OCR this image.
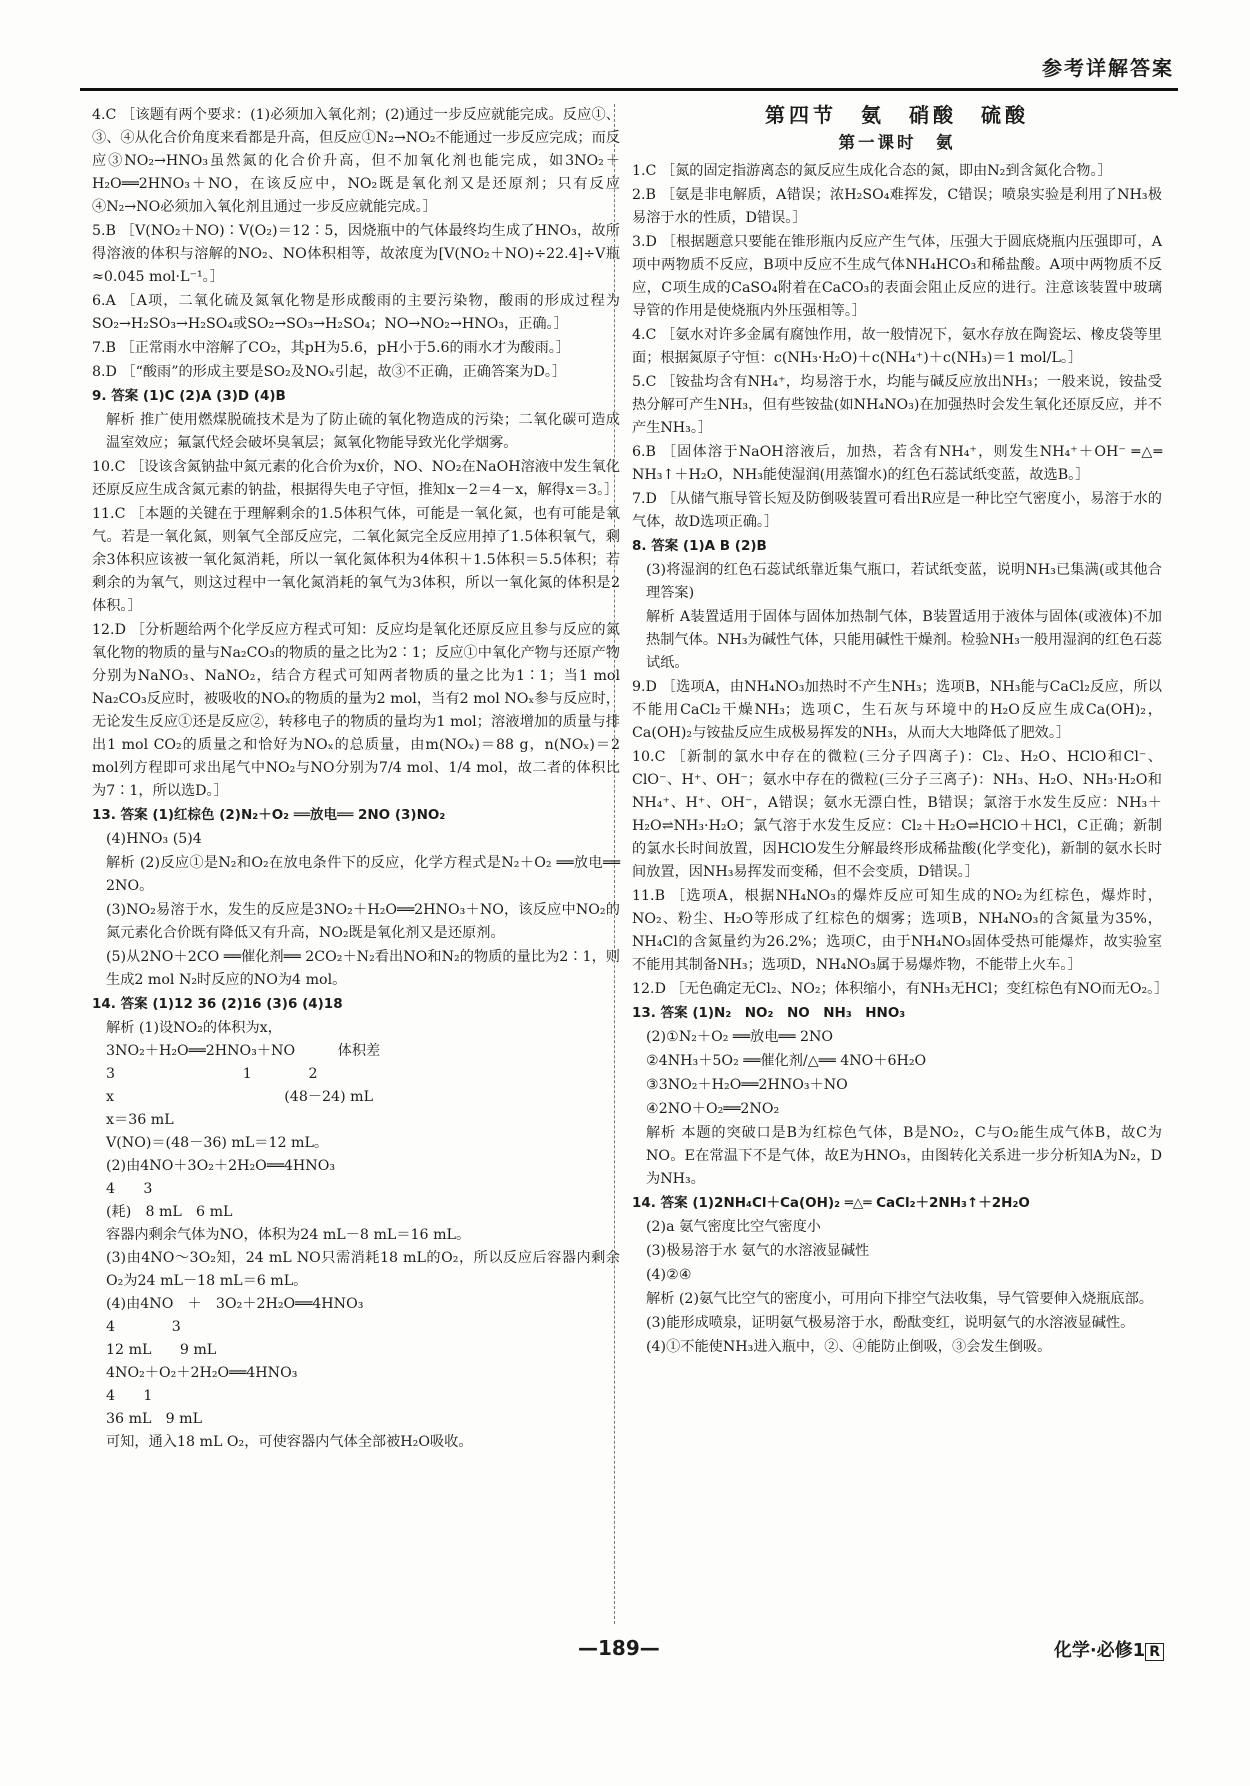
参考详解答案
4.C ［该题有两个要求：(1)必须加入氧化剂；(2)通过一步反应就能完成。反应①、③、④从化合价角度来看都是升高，但反应①N₂→NO₂不能通过一步反应完成；而反应③NO₂→HNO₃虽然氮的化合价升高，但不加氧化剂也能完成，如3NO₂＋H₂O══2HNO₃＋NO，在该反应中，NO₂既是氧化剂又是还原剂；只有反应④N₂→NO必须加入氧化剂且通过一步反应就能完成。］
5.B ［V(NO₂＋NO)∶V(O₂)＝12∶5，因烧瓶中的气体最终均生成了HNO₃，故所得溶液的体积与溶解的NO₂、NO体积相等，故浓度为[V(NO₂＋NO)÷22.4]÷V瓶≈0.045 mol·L⁻¹。］
6.A ［A项，二氧化硫及氮氧化物是形成酸雨的主要污染物，酸雨的形成过程为SO₂→H₂SO₃→H₂SO₄或SO₂→SO₃→H₂SO₄；NO→NO₂→HNO₃，正确。］
7.B ［正常雨水中溶解了CO₂，其pH为5.6，pH小于5.6的雨水才为酸雨。］
8.D ［“酸雨”的形成主要是SO₂及NOₓ引起，故③不正确，正确答案为D。］
9. 答案 (1)C (2)A (3)D (4)B
解析 推广使用燃煤脱硫技术是为了防止硫的氧化物造成的污染；二氧化碳可造成温室效应；氟氯代烃会破坏臭氧层；氮氧化物能导致光化学烟雾。
10.C ［设该含氮钠盐中氮元素的化合价为x价，NO、NO₂在NaOH溶液中发生氧化还原反应生成含氮元素的钠盐，根据得失电子守恒，推知x－2＝4－x，解得x＝3。］
11.C ［本题的关键在于理解剩余的1.5体积气体，可能是一氧化氮，也有可能是氧气。若是一氧化氮，则氧气全部反应完，二氧化氮完全反应用掉了1.5体积氧气，剩余3体积应该被一氧化氮消耗，所以一氧化氮体积为4体积＋1.5体积＝5.5体积；若剩余的为氧气，则这过程中一氧化氮消耗的氧气为3体积，所以一氧化氮的体积是2体积。］
12.D ［分析题给两个化学反应方程式可知：反应均是氧化还原反应且参与反应的氮氧化物的物质的量与Na₂CO₃的物质的量之比为2∶1；反应①中氧化产物与还原产物分别为NaNO₃、NaNO₂，结合方程式可知两者物质的量之比为1∶1；当1 mol Na₂CO₃反应时，被吸收的NOₓ的物质的量为2 mol，当有2 mol NOₓ参与反应时，无论发生反应①还是反应②，转移电子的物质的量均为1 mol；溶液增加的质量与排出1 mol CO₂的质量之和恰好为NOₓ的总质量，由m(NOₓ)＝88 g，n(NOₓ)＝2 mol列方程即可求出尾气中NO₂与NO分别为7/4 mol、1/4 mol，故二者的体积比为7∶1，所以选D。］
13. 答案 (1)红棕色 (2)N₂＋O₂ ══放电══ 2NO (3)NO₂
(4)HNO₃ (5)4
解析 (2)反应①是N₂和O₂在放电条件下的反应，化学方程式是N₂＋O₂ ══放电══ 2NO。
(3)NO₂易溶于水，发生的反应是3NO₂＋H₂O══2HNO₃＋NO，该反应中NO₂的氮元素化合价既有降低又有升高，NO₂既是氧化剂又是还原剂。
(5)从2NO＋2CO ══催化剂══ 2CO₂＋N₂看出NO和N₂的物质的量比为2∶1，则生成2 mol N₂时反应的NO为4 mol。
14. 答案 (1)12 36 (2)16 (3)6 (4)18
解析 (1)设NO₂的体积为x，
3NO₂＋H₂O══2HNO₃＋NO　　　体积差
3　　　　　　　　　1　　　　2
x　　　　　　　　　　　　(48－24) mL
x＝36 mL
V(NO)＝(48－36) mL＝12 mL。
(2)由4NO＋3O₂＋2H₂O══4HNO₃
4　　3
(耗)　8 mL　6 mL
容器内剩余气体为NO，体积为24 mL－8 mL＝16 mL。
(3)由4NO～3O₂知，24 mL NO只需消耗18 mL的O₂，所以反应后容器内剩余O₂为24 mL－18 mL＝6 mL。
(4)由4NO　＋　3O₂＋2H₂O══4HNO₃
4　　　　3
12 mL　　9 mL
4NO₂＋O₂＋2H₂O══4HNO₃
4　　1
36 mL　9 mL
可知，通入18 mL O₂，可使容器内气体全部被H₂O吸收。
第四节　氨　硝酸　硫酸
第一课时　氨
1.C ［氮的固定指游离态的氮反应生成化合态的氮，即由N₂到含氮化合物。］
2.B ［氨是非电解质，A错误；浓H₂SO₄难挥发，C错误；喷泉实验是利用了NH₃极易溶于水的性质，D错误。］
3.D ［根据题意只要能在锥形瓶内反应产生气体，压强大于圆底烧瓶内压强即可，A项中两物质不反应，B项中反应不生成气体NH₄HCO₃和稀盐酸。A项中两物质不反应，C项生成的CaSO₄附着在CaCO₃的表面会阻止反应的进行。注意该装置中玻璃导管的作用是使烧瓶内外压强相等。］
4.C ［氨水对许多金属有腐蚀作用，故一般情况下，氨水存放在陶瓷坛、橡皮袋等里面；根据氮原子守恒：c(NH₃·H₂O)＋c(NH₄⁺)＋c(NH₃)＝1 mol/L。］
5.C ［铵盐均含有NH₄⁺，均易溶于水，均能与碱反应放出NH₃；一般来说，铵盐受热分解可产生NH₃，但有些铵盐(如NH₄NO₃)在加强热时会发生氧化还原反应，并不产生NH₃。］
6.B ［固体溶于NaOH溶液后，加热，若含有NH₄⁺，则发生NH₄⁺＋OH⁻ ═△═ NH₃↑＋H₂O，NH₃能使湿润(用蒸馏水)的红色石蕊试纸变蓝，故选B。］
7.D ［从储气瓶导管长短及防倒吸装置可看出R应是一种比空气密度小，易溶于水的气体，故D选项正确。］
8. 答案 (1)A B (2)B
(3)将湿润的红色石蕊试纸靠近集气瓶口，若试纸变蓝，说明NH₃已集满(或其他合理答案)
解析 A装置适用于固体与固体加热制气体，B装置适用于液体与固体(或液体)不加热制气体。NH₃为碱性气体，只能用碱性干燥剂。检验NH₃一般用湿润的红色石蕊试纸。
9.D ［选项A，由NH₄NO₃加热时不产生NH₃；选项B，NH₃能与CaCl₂反应，所以不能用CaCl₂干燥NH₃；选项C，生石灰与环境中的H₂O反应生成Ca(OH)₂，Ca(OH)₂与铵盐反应生成极易挥发的NH₃，从而大大地降低了肥效。］
10.C ［新制的氯水中存在的微粒(三分子四离子)：Cl₂、H₂O、HClO和Cl⁻、ClO⁻、H⁺、OH⁻；氨水中存在的微粒(三分子三离子)：NH₃、H₂O、NH₃·H₂O和NH₄⁺、H⁺、OH⁻，A错误；氨水无漂白性，B错误；氯溶于水发生反应：NH₃＋H₂O⇌NH₃·H₂O；氯气溶于水发生反应：Cl₂＋H₂O⇌HClO＋HCl，C正确；新制的氯水长时间放置，因HClO发生分解最终形成稀盐酸(化学变化)，新制的氨水长时间放置，因NH₃易挥发而变稀，但不会变质，D错误。］
11.B ［选项A，根据NH₄NO₃的爆炸反应可知生成的NO₂为红棕色，爆炸时，NO₂、粉尘、H₂O等形成了红棕色的烟雾；选项B，NH₄NO₃的含氮量为35%，NH₄Cl的含氮量约为26.2%；选项C，由于NH₄NO₃固体受热可能爆炸，故实验室不能用其制备NH₃；选项D，NH₄NO₃属于易爆炸物，不能带上火车。］
12.D ［无色确定无Cl₂、NO₂；体积缩小，有NH₃无HCl；变红棕色有NO而无O₂。］
13. 答案 (1)N₂　NO₂　NO　NH₃　HNO₃
(2)①N₂＋O₂ ══放电══ 2NO
②4NH₃＋5O₂ ══催化剂/△══ 4NO＋6H₂O
③3NO₂＋H₂O══2HNO₃＋NO
④2NO＋O₂══2NO₂
解析 本题的突破口是B为红棕色气体，B是NO₂，C与O₂能生成气体B，故C为NO。E在常温下不是气体，故E为HNO₃，由图转化关系进一步分析知A为N₂，D为NH₃。
14. 答案 (1)2NH₄Cl＋Ca(OH)₂ ═△═ CaCl₂＋2NH₃↑＋2H₂O
(2)a 氨气密度比空气密度小
(3)极易溶于水 氨气的水溶液显碱性
(4)②④
解析 (2)氨气比空气的密度小，可用向下排空气法收集，导气管要伸入烧瓶底部。
(3)能形成喷泉，证明氨气极易溶于水，酚酞变红，说明氨气的水溶液显碱性。
(4)①不能使NH₃进入瓶中，②、④能防止倒吸，③会发生倒吸。
—189—	化学·必修1 R
